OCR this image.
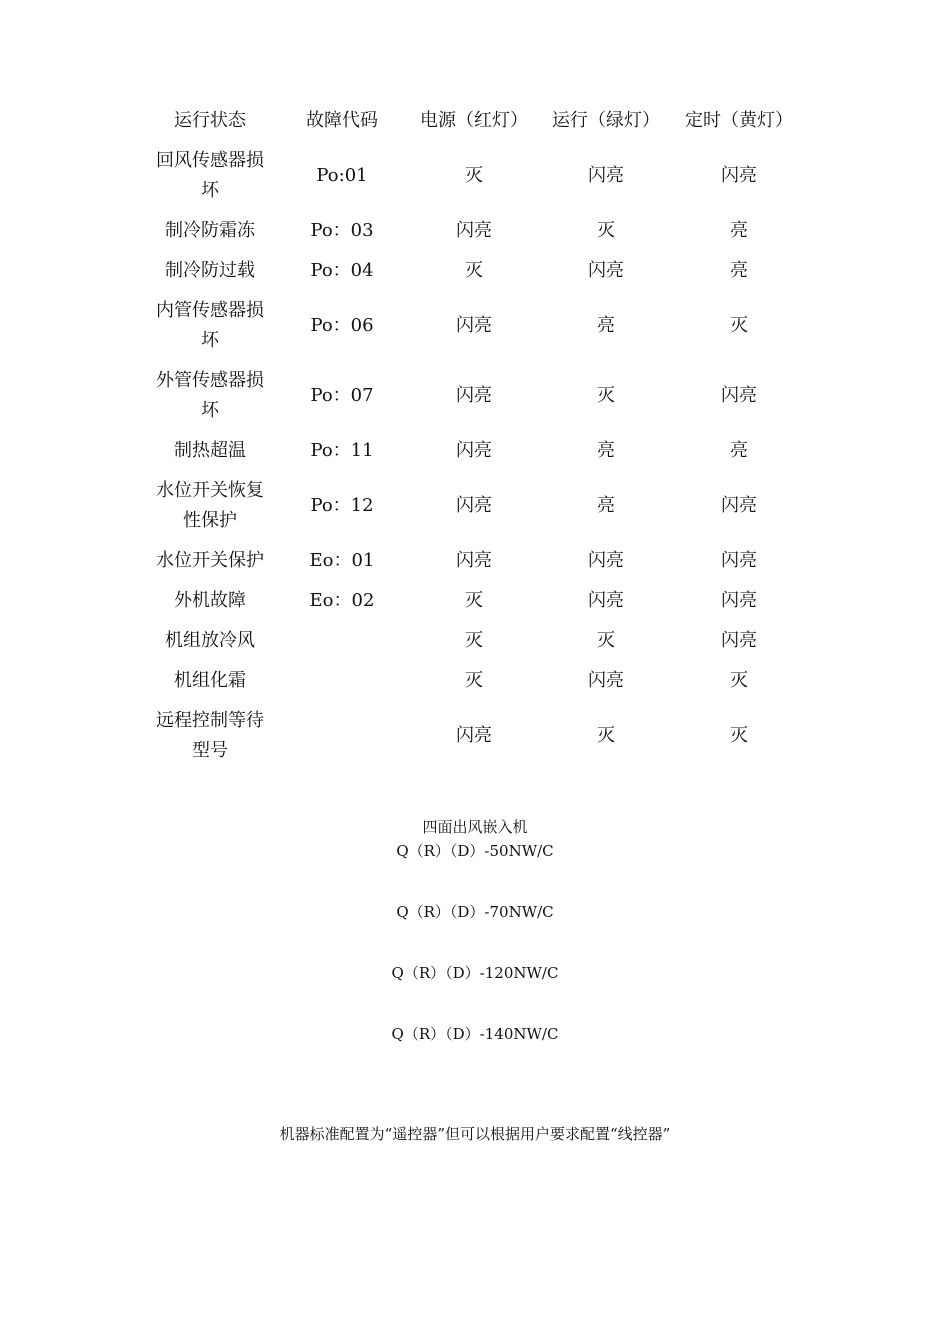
运行状态	故障代码	电源（红灯）	运行（绿灯）	定时（黄灯）
回风传感器损坏	Po:01	灭	闪亮	闪亮
制冷防霜冻	Po：03	闪亮	灭	亮
制冷防过载	Po：04	灭	闪亮	亮
内管传感器损坏	Po：06	闪亮	亮	灭
外管传感器损坏	Po：07	闪亮	灭	闪亮
制热超温	Po：11	闪亮	亮	亮
水位开关恢复性保护	Po：12	闪亮	亮	闪亮
水位开关保护	Eo：01	闪亮	闪亮	闪亮
外机故障	Eo：02	灭	闪亮	闪亮
机组放冷风		灭	灭	闪亮
机组化霜		灭	闪亮	灭
远程控制等待型号		闪亮	灭	灭
四面出风嵌入机
Q（R）（D）-50NW/C
Q（R）（D）-70NW/C
Q（R）（D）-120NW/C
Q（R）（D）-140NW/C
机器标准配置为“遥控器”但可以根据用户要求配置“线控器”
